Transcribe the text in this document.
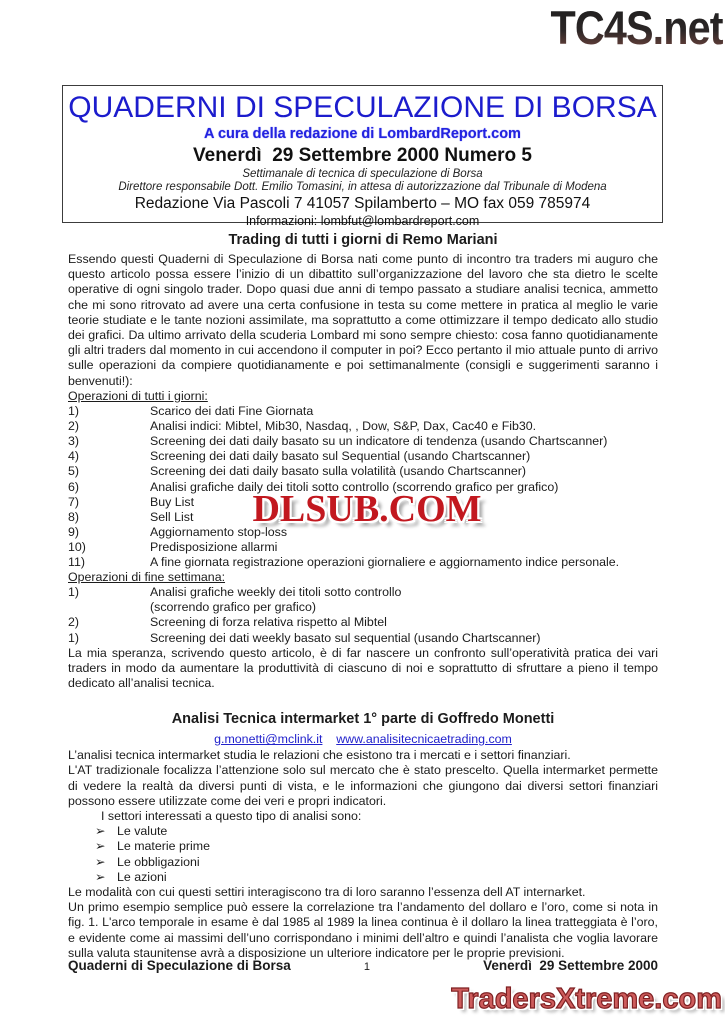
TC4S.net
QUADERNI DI SPECULAZIONE DI BORSA
A cura della redazione di LombardReport.com
Venerdì  29 Settembre 2000 Numero 5
Settimanale di tecnica di speculazione di Borsa
Direttore responsabile Dott. Emilio Tomasini, in attesa di autorizzazione dal Tribunale di Modena
Redazione Via Pascoli 7 41057 Spilamberto – MO fax 059 785974
Informazioni: lombfut@lombardreport.com
Trading di tutti i giorni di Remo Mariani

Essendo questi Quaderni di Speculazione di Borsa nati come punto di incontro tra traders mi auguro che questo articolo possa essere l’inizio di un dibattito sull’organizzazione del lavoro che sta dietro le scelte operative di ogni singolo trader. Dopo quasi due anni di tempo passato a studiare analisi tecnica, ammetto che mi sono ritrovato ad avere una certa confusione in testa su come mettere in pratica al meglio le varie teorie studiate e le tante nozioni assimilate, ma soprattutto a come ottimizzare il tempo dedicato allo studio dei grafici. Da ultimo arrivato della scuderia Lombard mi sono sempre chiesto: cosa fanno quotidianamente gli altri traders dal momento in cui accendono il computer in poi? Ecco pertanto il mio attuale punto di arrivo sulle operazioni da compiere quotidianamente e poi settimanalmente (consigli e suggerimenti saranno i benvenuti!):

Operazioni di tutti i giorni:
1)	Scarico dei dati Fine Giornata
2)	Analisi indici: Mibtel, Mib30, Nasdaq, , Dow, S&P, Dax, Cac40 e Fib30.
3)	Screening dei dati daily basato su un indicatore di tendenza (usando Chartscanner)
4)	Screening dei dati daily basato sul Sequential (usando Chartscanner)
5)	Screening dei dati daily basato sulla volatilità (usando Chartscanner)
6)	Analisi grafiche daily dei titoli sotto controllo (scorrendo grafico per grafico)
7)	Buy List
8)	Sell List
9)	Aggiornamento stop-loss
10)	Predisposizione allarmi
11)	A fine giornata registrazione operazioni giornaliere e aggiornamento indice personale.
Operazioni di fine settimana:
1)	Analisi grafiche weekly dei titoli sotto controllo
(scorrendo grafico per grafico)
2)	Screening di forza relativa rispetto al Mibtel
1)	Screening dei dati weekly basato sul sequential (usando Chartscanner)

La mia speranza, scrivendo questo articolo, è di far nascere un confronto sull’operatività pratica dei vari traders in modo da aumentare la produttività di ciascuno di noi e soprattutto di sfruttare a pieno il tempo dedicato all’analisi tecnica.

Analisi Tecnica intermarket 1° parte di Goffredo Monetti
g.monetti@mclink.it www.analisitecnicaetrading.com

L’analisi tecnica intermarket studia le relazioni che esistono tra i mercati e i settori finanziari.

L'AT tradizionale focalizza l’attenzione solo sul mercato che è stato prescelto. Quella intermarket permette di vedere la realtà da diversi punti di vista, e le informazioni che giungono dai diversi settori finanziari possono essere utilizzate come dei veri e propri indicatori.

I settori interessati a questo tipo di analisi sono:
➢ Le valute
➢ Le materie prime
➢ Le obbligazioni
➢ Le azioni

Le modalità con cui questi settiri interagiscono tra di loro saranno l’essenza dell AT internarket.

Un primo esempio semplice può essere la correlazione tra l’andamento del dollaro e l’oro, come si nota in fig. 1. L'arco temporale in esame è dal 1985 al 1989 la linea continua è il dollaro la linea tratteggiata è l’oro, e evidente come ai massimi dell’uno corrispondano i minimi dell’altro e quindi l’analista che voglia lavorare sulla valuta staunitense avrà a disposizione un ulteriore indicatore per le proprie previsioni.

DLSUB.COM
Quaderni di Speculazione di Borsa	1	Venerdì  29 Settembre 2000
TradersXtreme.com
